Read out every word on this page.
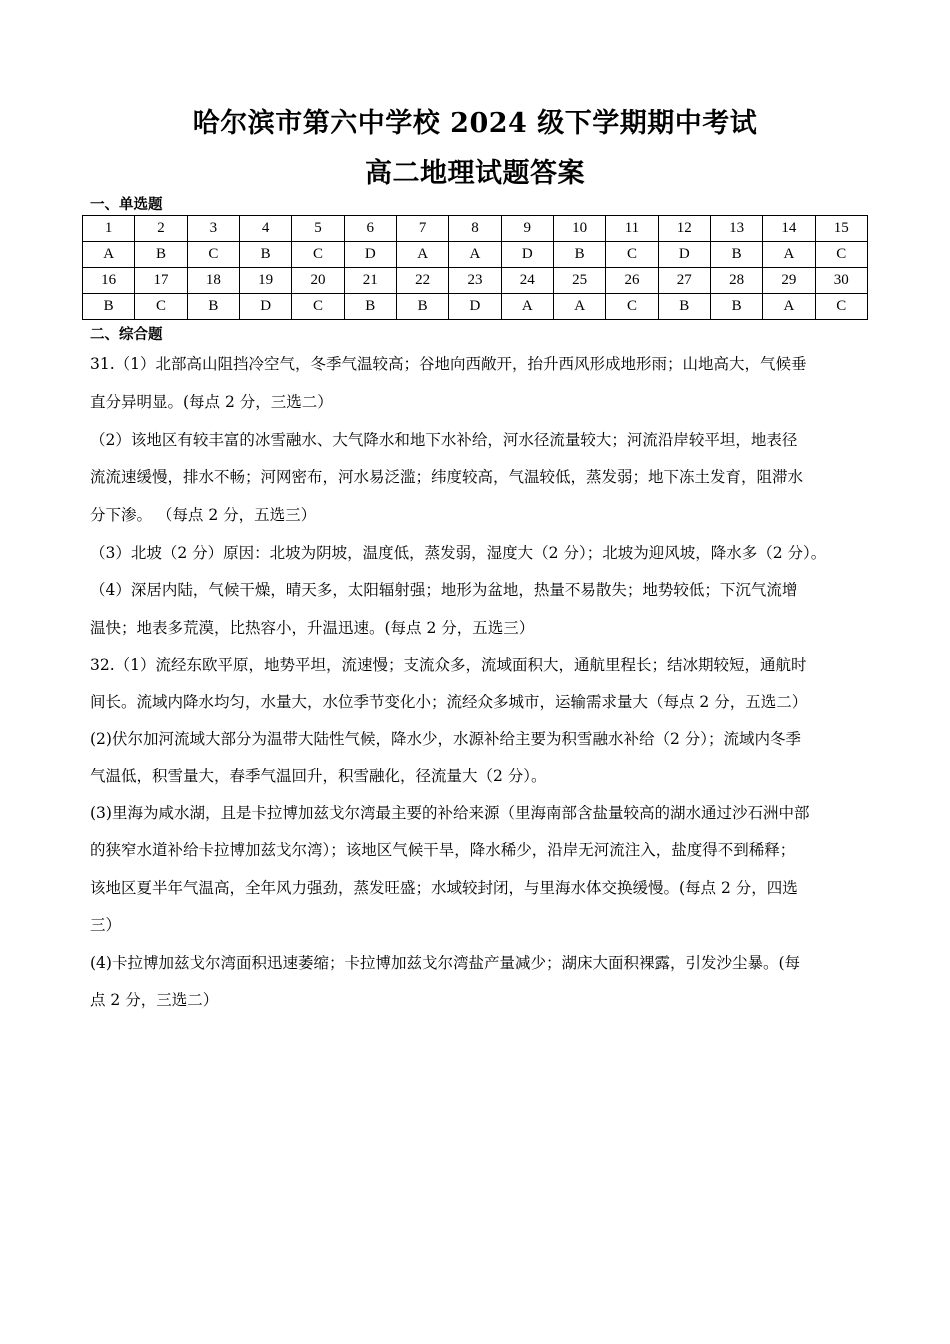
哈尔滨市第六中学校 2024 级下学期期中考试
高二地理试题答案
一、单选题
1	2	3	4	5	6	7	8	9	10	11	12	13	14	15
A	B	C	B	C	D	A	A	D	B	C	D	B	A	C
16	17	18	19	20	21	22	23	24	25	26	27	28	29	30
B	C	B	D	C	B	B	D	A	A	C	B	B	A	C
二、综合题
31.（1）北部高山阻挡冷空气，冬季气温较高；谷地向西敞开，抬升西风形成地形雨；山地高大，气候垂
直分异明显。(每点 2 分，三选二）
（2）该地区有较丰富的冰雪融水、大气降水和地下水补给，河水径流量较大；河流沿岸较平坦，地表径
流流速缓慢，排水不畅；河网密布，河水易泛滥；纬度较高，气温较低，蒸发弱；地下冻土发育，阻滞水
分下渗。 （每点 2 分，五选三）
（3）北坡（2 分）原因：北坡为阴坡，温度低，蒸发弱，湿度大（2 分）；北坡为迎风坡，降水多（2 分）。
（4）深居内陆，气候干燥，晴天多，太阳辐射强；地形为盆地，热量不易散失；地势较低；下沉气流增
温快；地表多荒漠，比热容小，升温迅速。(每点 2 分，五选三）
32.（1）流经东欧平原，地势平坦，流速慢；支流众多，流域面积大，通航里程长；结冰期较短，通航时
间长。流域内降水均匀，水量大，水位季节变化小；流经众多城市，运输需求量大（每点 2 分，五选二）
(2)伏尔加河流域大部分为温带大陆性气候，降水少，水源补给主要为积雪融水补给（2 分）；流域内冬季
气温低，积雪量大，春季气温回升，积雪融化，径流量大（2 分）。
(3)里海为咸水湖，且是卡拉博加兹戈尔湾最主要的补给来源（里海南部含盐量较高的湖水通过沙石洲中部
的狭窄水道补给卡拉博加兹戈尔湾）；该地区气候干旱，降水稀少，沿岸无河流注入，盐度得不到稀释；
该地区夏半年气温高，全年风力强劲，蒸发旺盛；水域较封闭，与里海水体交换缓慢。(每点 2 分，四选
三）
(4)卡拉博加兹戈尔湾面积迅速萎缩；卡拉博加兹戈尔湾盐产量减少；湖床大面积裸露，引发沙尘暴。(每
点 2 分，三选二）
